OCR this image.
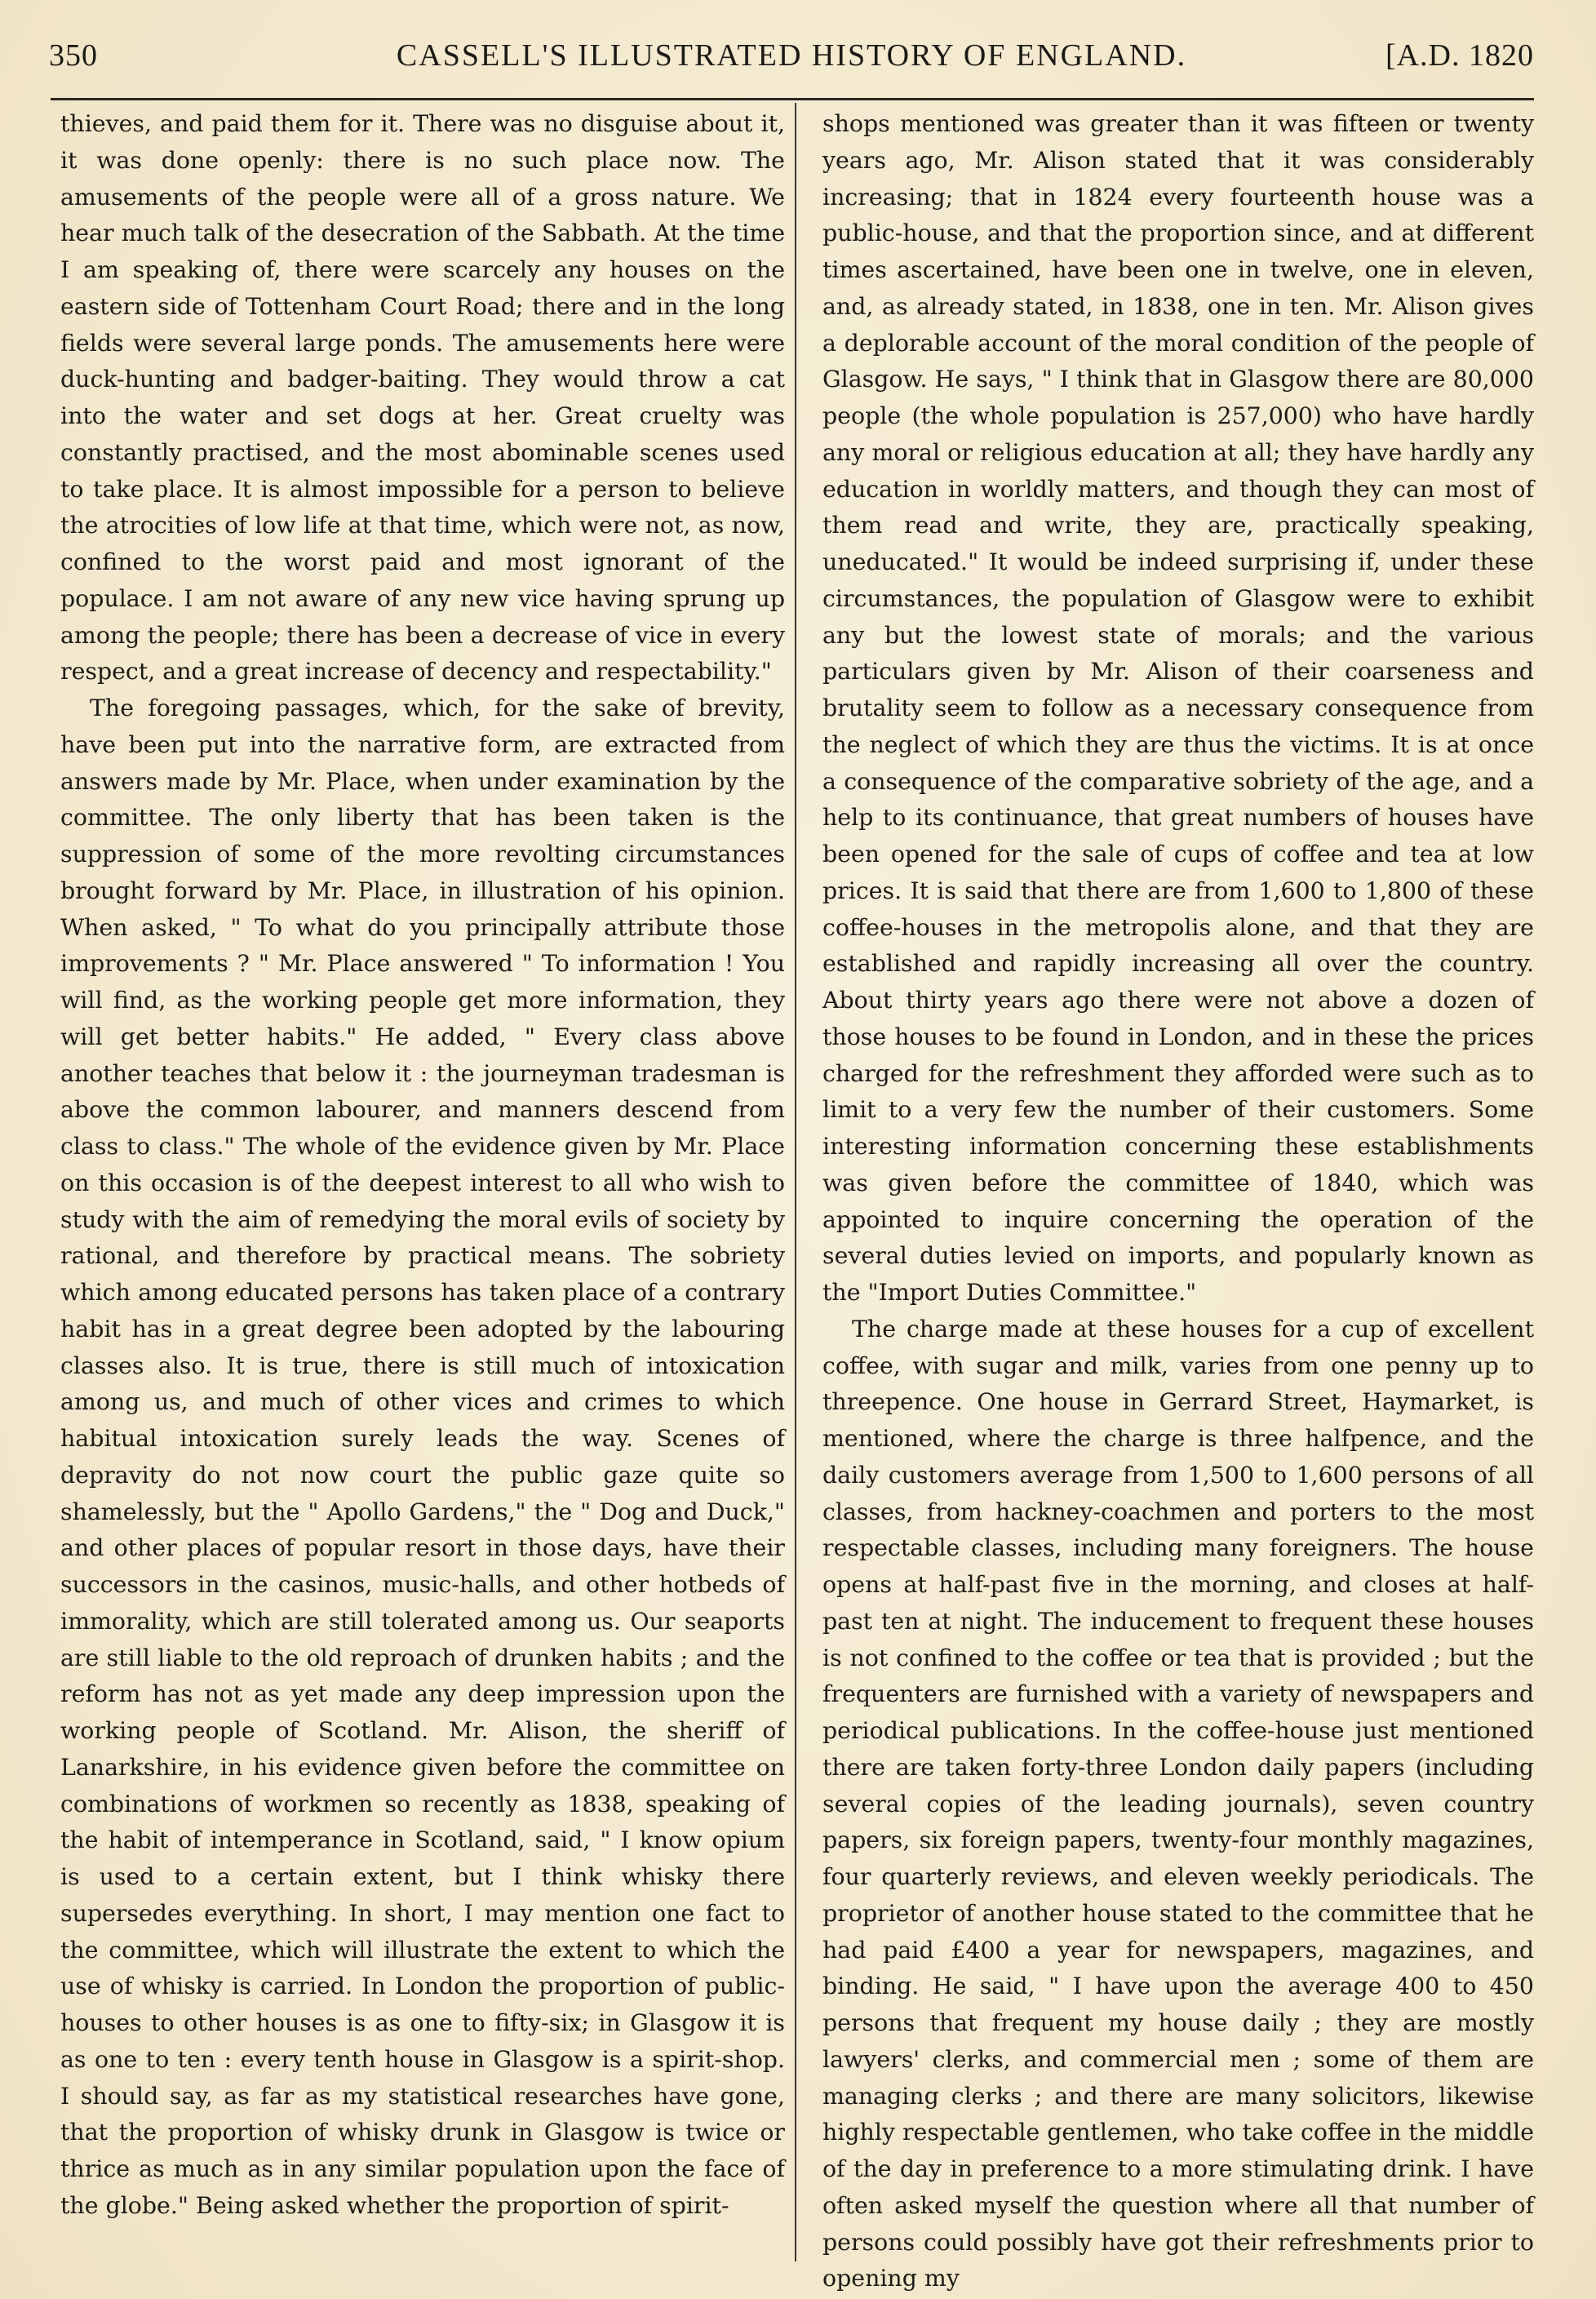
350	CASSELL'S ILLUSTRATED HISTORY OF ENGLAND.	[A.D. 1820

thieves, and paid them for it. There was no disguise about it, it was done openly: there is no such place now. The amusements of the people were all of a gross nature. We hear much talk of the desecration of the Sabbath. At the time I am speaking of, there were scarcely any houses on the eastern side of Tottenham Court Road; there and in the long fields were several large ponds. The amusements here were duck-hunting and badger-baiting. They would throw a cat into the water and set dogs at her. Great cruelty was constantly practised, and the most abominable scenes used to take place. It is almost impossible for a person to believe the atrocities of low life at that time, which were not, as now, confined to the worst paid and most ignorant of the populace. I am not aware of any new vice having sprung up among the people; there has been a decrease of vice in every respect, and a great increase of decency and respectability."

The foregoing passages, which, for the sake of brevity, have been put into the narrative form, are extracted from answers made by Mr. Place, when under examination by the committee. The only liberty that has been taken is the suppression of some of the more revolting circumstances brought forward by Mr. Place, in illustration of his opinion. When asked, " To what do you principally attribute those improvements ? " Mr. Place answered " To information ! You will find, as the working people get more information, they will get better habits." He added, " Every class above another teaches that below it : the journeyman tradesman is above the common labourer, and manners descend from class to class." The whole of the evidence given by Mr. Place on this occasion is of the deepest interest to all who wish to study with the aim of remedying the moral evils of society by rational, and therefore by practical means. The sobriety which among educated persons has taken place of a contrary habit has in a great degree been adopted by the labouring classes also. It is true, there is still much of intoxication among us, and much of other vices and crimes to which habitual intoxication surely leads the way. Scenes of depravity do not now court the public gaze quite so shamelessly, but the " Apollo Gardens," the " Dog and Duck," and other places of popular resort in those days, have their successors in the casinos, music-halls, and other hotbeds of immorality, which are still tolerated among us. Our seaports are still liable to the old reproach of drunken habits ; and the reform has not as yet made any deep impression upon the working people of Scotland. Mr. Alison, the sheriff of Lanarkshire, in his evidence given before the committee on combinations of workmen so recently as 1838, speaking of the habit of intemperance in Scotland, said, " I know opium is used to a certain extent, but I think whisky there supersedes everything. In short, I may mention one fact to the committee, which will illustrate the extent to which the use of whisky is carried. In London the proportion of public-houses to other houses is as one to fifty-six; in Glasgow it is as one to ten : every tenth house in Glasgow is a spirit-shop. I should say, as far as my statistical researches have gone, that the proportion of whisky drunk in Glasgow is twice or thrice as much as in any similar population upon the face of the globe." Being asked whether the proportion of spirit-

shops mentioned was greater than it was fifteen or twenty years ago, Mr. Alison stated that it was considerably increasing; that in 1824 every fourteenth house was a public-house, and that the proportion since, and at different times ascertained, have been one in twelve, one in eleven, and, as already stated, in 1838, one in ten. Mr. Alison gives a deplorable account of the moral condition of the people of Glasgow. He says, " I think that in Glasgow there are 80,000 people (the whole population is 257,000) who have hardly any moral or religious education at all; they have hardly any education in worldly matters, and though they can most of them read and write, they are, practically speaking, uneducated." It would be indeed surprising if, under these circumstances, the population of Glasgow were to exhibit any but the lowest state of morals; and the various particulars given by Mr. Alison of their coarseness and brutality seem to follow as a necessary consequence from the neglect of which they are thus the victims. It is at once a consequence of the comparative sobriety of the age, and a help to its continuance, that great numbers of houses have been opened for the sale of cups of coffee and tea at low prices. It is said that there are from 1,600 to 1,800 of these coffee-houses in the metropolis alone, and that they are established and rapidly increasing all over the country. About thirty years ago there were not above a dozen of those houses to be found in London, and in these the prices charged for the refreshment they afforded were such as to limit to a very few the number of their customers. Some interesting information concerning these establishments was given before the committee of 1840, which was appointed to inquire concerning the operation of the several duties levied on imports, and popularly known as the "Import Duties Committee."

The charge made at these houses for a cup of excellent coffee, with sugar and milk, varies from one penny up to threepence. One house in Gerrard Street, Haymarket, is mentioned, where the charge is three halfpence, and the daily customers average from 1,500 to 1,600 persons of all classes, from hackney-coachmen and porters to the most respectable classes, including many foreigners. The house opens at half-past five in the morning, and closes at half-past ten at night. The inducement to frequent these houses is not confined to the coffee or tea that is provided ; but the frequenters are furnished with a variety of newspapers and periodical publications. In the coffee-house just mentioned there are taken forty-three London daily papers (including several copies of the leading journals), seven country papers, six foreign papers, twenty-four monthly magazines, four quarterly reviews, and eleven weekly periodicals. The proprietor of another house stated to the committee that he had paid £400 a year for newspapers, magazines, and binding. He said, " I have upon the average 400 to 450 persons that frequent my house daily ; they are mostly lawyers' clerks, and commercial men ; some of them are managing clerks ; and there are many solicitors, likewise highly respectable gentlemen, who take coffee in the middle of the day in preference to a more stimulating drink. I have often asked myself the question where all that number of persons could possibly have got their refreshments prior to opening my
